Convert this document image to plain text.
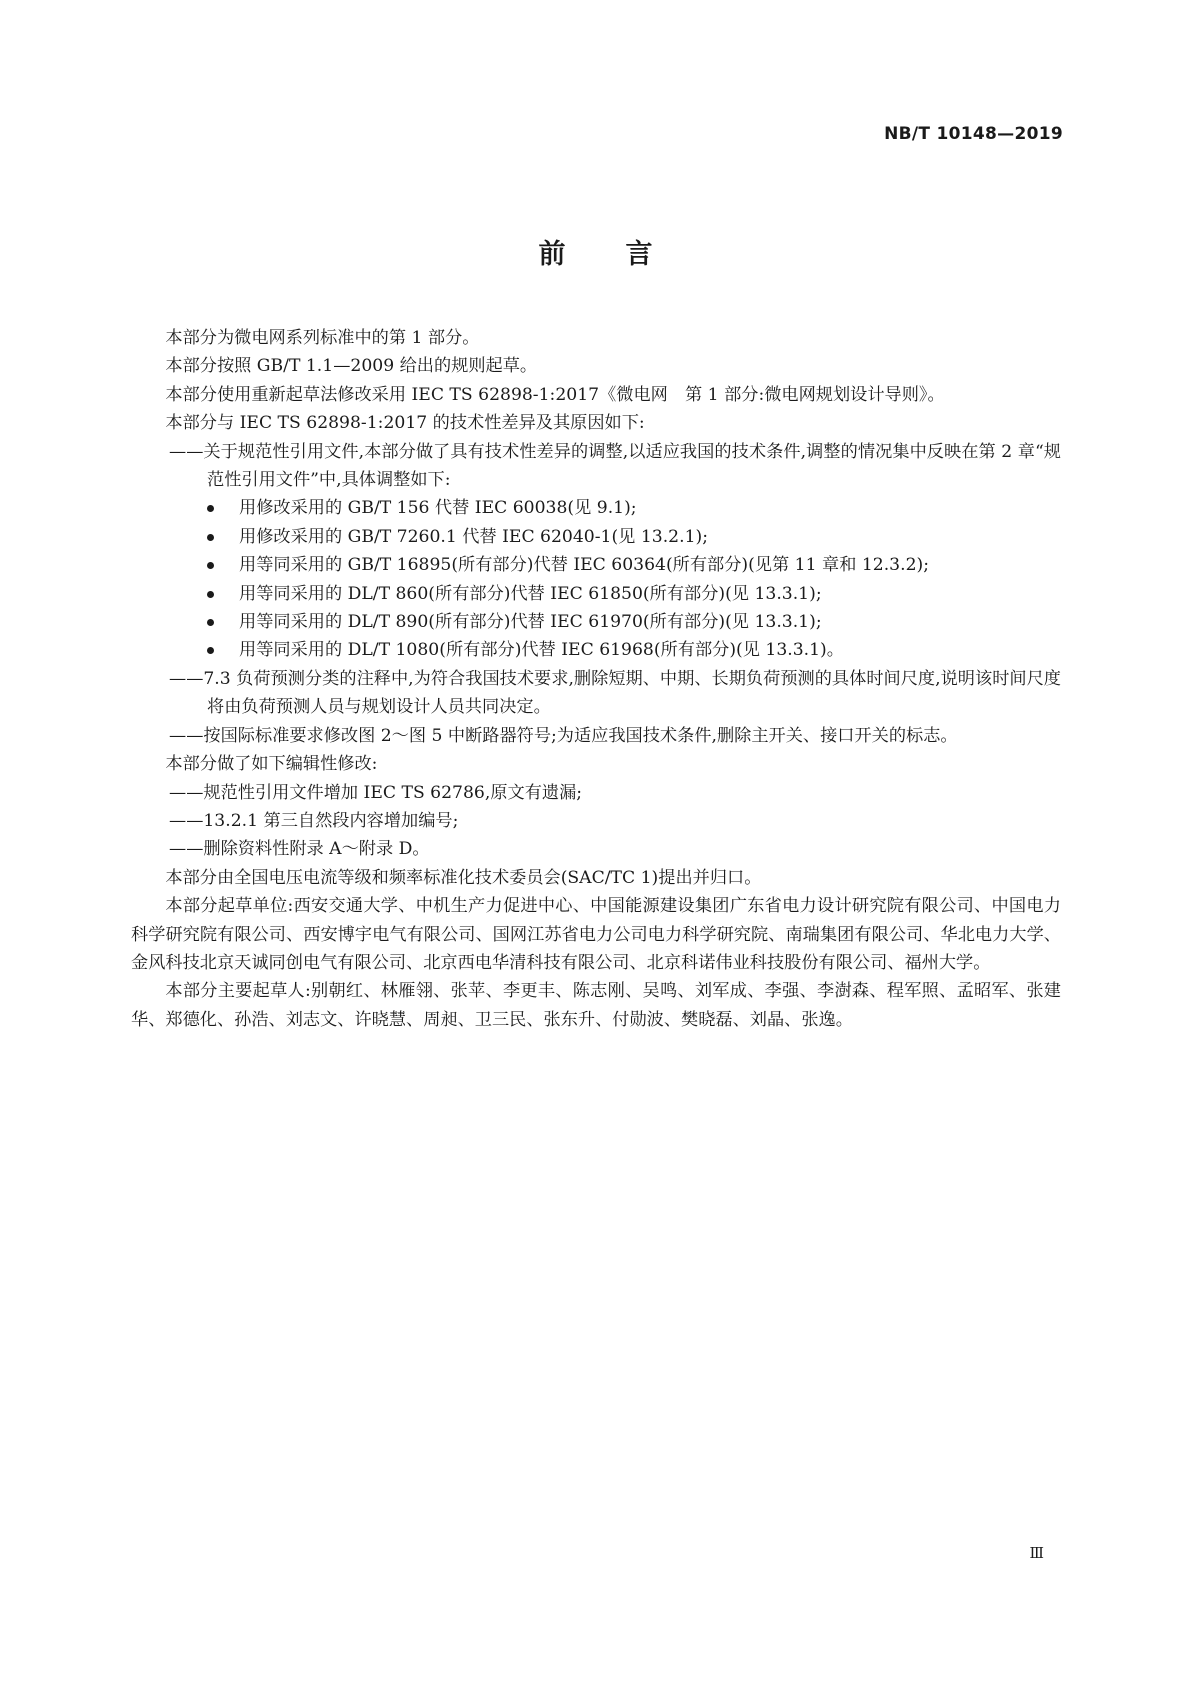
NB/T 10148—2019
前 言
本部分为微电网系列标准中的第 1 部分。
本部分按照 GB/T 1.1—2009 给出的规则起草。
本部分使用重新起草法修改采用 IEC TS 62898-1:2017《微电网　第 1 部分:微电网规划设计导则》。
本部分与 IEC TS 62898-1:2017 的技术性差异及其原因如下:
——关于规范性引用文件,本部分做了具有技术性差异的调整,以适应我国的技术条件,调整的情况集中反映在第 2 章“规范性引用文件”中,具体调整如下:
用修改采用的 GB/T 156 代替 IEC 60038(见 9.1);
用修改采用的 GB/T 7260.1 代替 IEC 62040-1(见 13.2.1);
用等同采用的 GB/T 16895(所有部分)代替 IEC 60364(所有部分)(见第 11 章和 12.3.2);
用等同采用的 DL/T 860(所有部分)代替 IEC 61850(所有部分)(见 13.3.1);
用等同采用的 DL/T 890(所有部分)代替 IEC 61970(所有部分)(见 13.3.1);
用等同采用的 DL/T 1080(所有部分)代替 IEC 61968(所有部分)(见 13.3.1)。
——7.3 负荷预测分类的注释中,为符合我国技术要求,删除短期、中期、长期负荷预测的具体时间尺度,说明该时间尺度将由负荷预测人员与规划设计人员共同决定。
——按国际标准要求修改图 2～图 5 中断路器符号;为适应我国技术条件,删除主开关、接口开关的标志。
本部分做了如下编辑性修改:
——规范性引用文件增加 IEC TS 62786,原文有遗漏;
——13.2.1 第三自然段内容增加编号;
——删除资料性附录 A～附录 D。
本部分由全国电压电流等级和频率标准化技术委员会(SAC/TC 1)提出并归口。
本部分起草单位:西安交通大学、中机生产力促进中心、中国能源建设集团广东省电力设计研究院有限公司、中国电力科学研究院有限公司、西安博宇电气有限公司、国网江苏省电力公司电力科学研究院、南瑞集团有限公司、华北电力大学、金风科技北京天诚同创电气有限公司、北京西电华清科技有限公司、北京科诺伟业科技股份有限公司、福州大学。
本部分主要起草人:别朝红、林雁翎、张苹、李更丰、陈志刚、吴鸣、刘军成、李强、李澍森、程军照、孟昭军、张建华、郑德化、孙浩、刘志文、许晓慧、周昶、卫三民、张东升、付勋波、樊晓磊、刘晶、张逸。
Ⅲ
